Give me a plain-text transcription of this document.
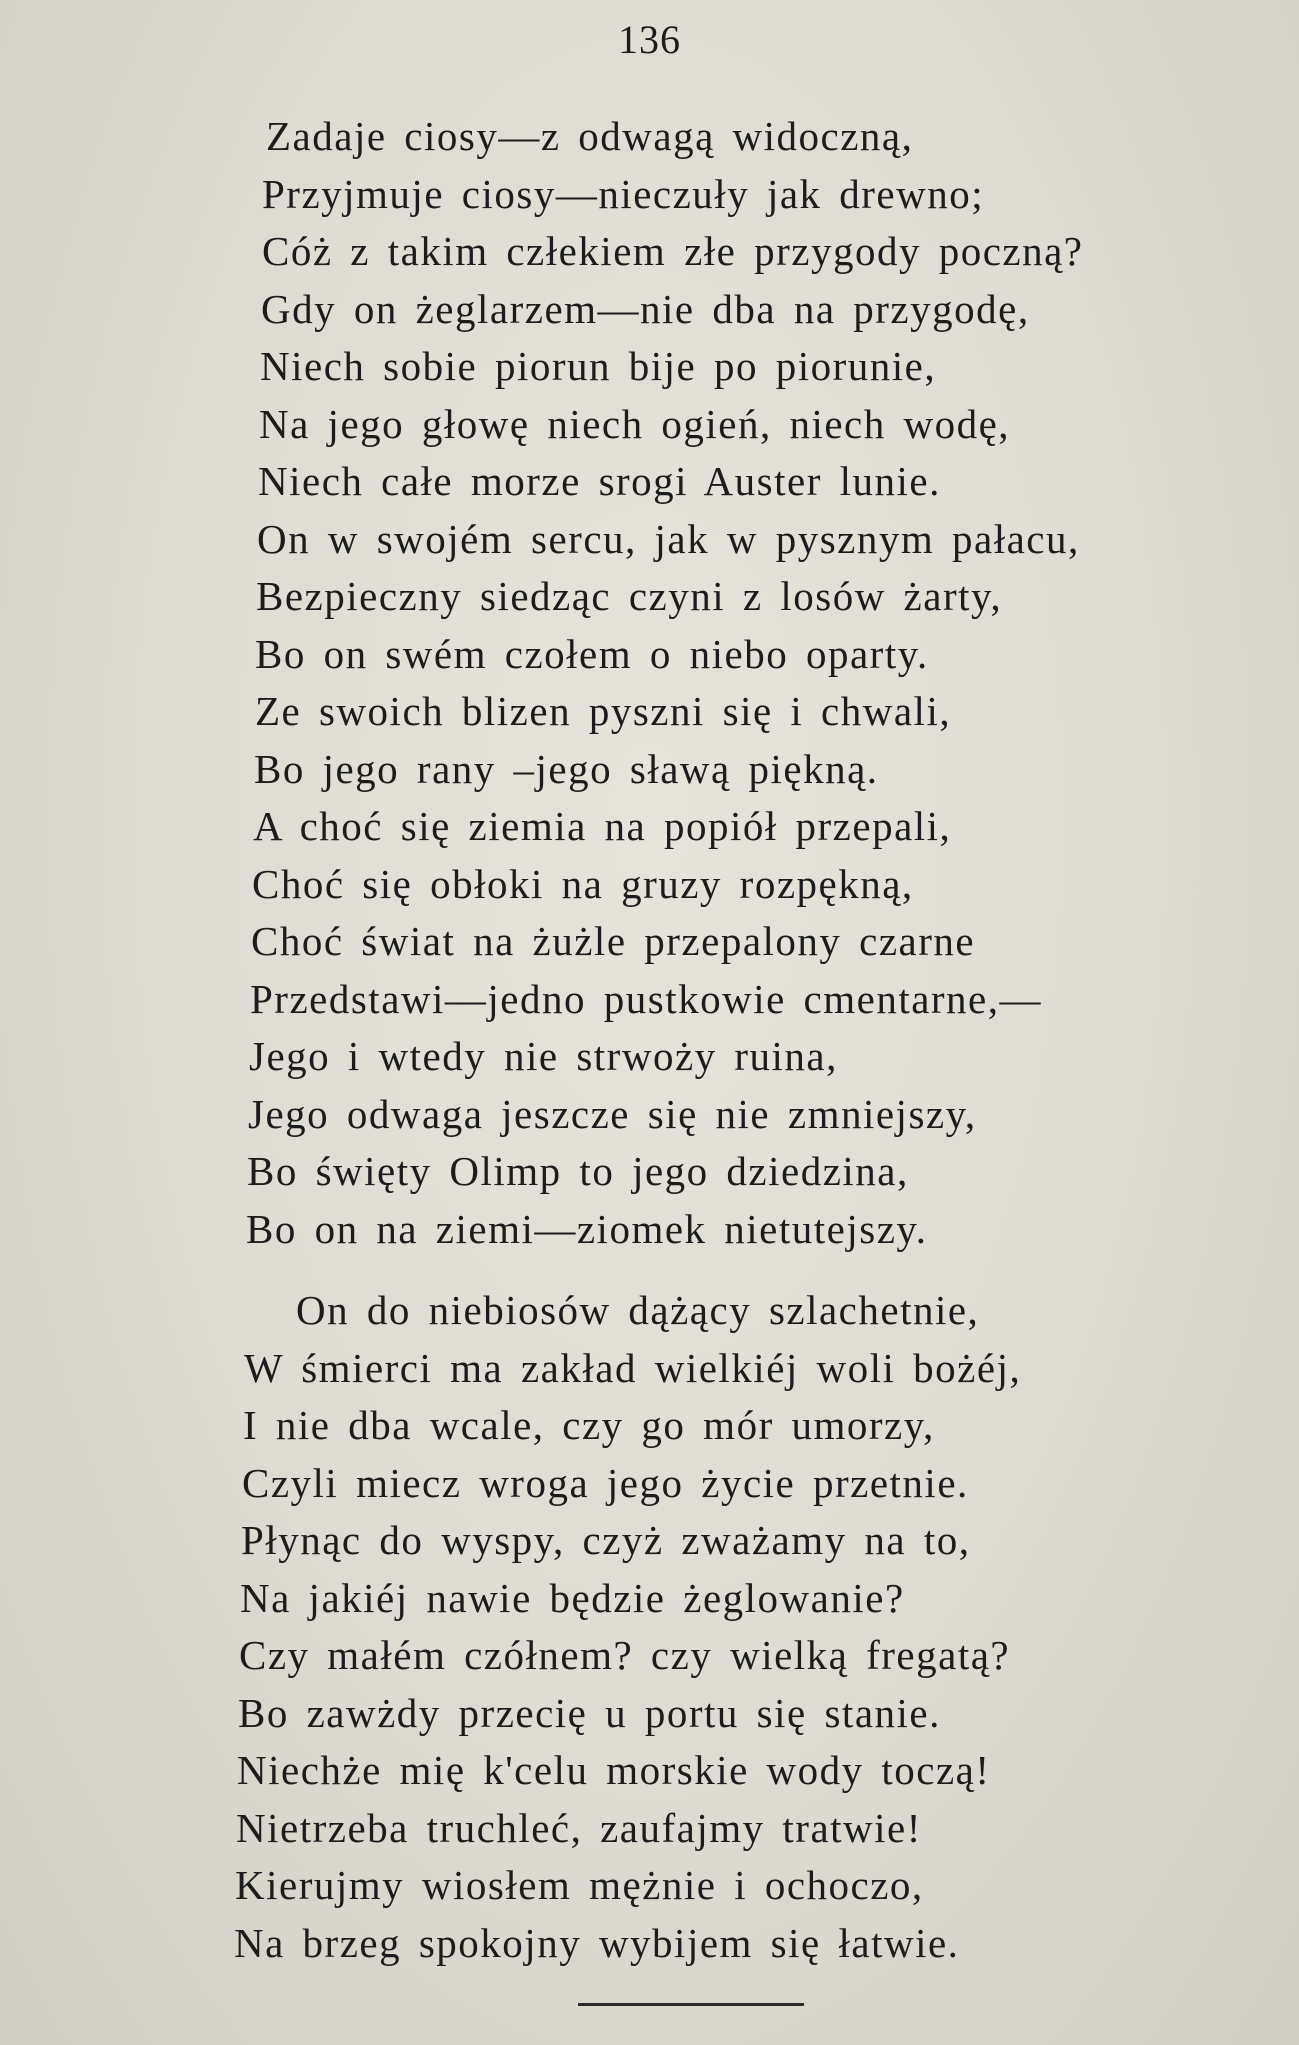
136
Zadaje ciosy—z odwagą widoczną,
Przyjmuje ciosy—nieczuły jak drewno;
Cóż z takim człekiem złe przygody poczną?
Gdy on żeglarzem—nie dba na przygodę,
Niech sobie piorun bije po piorunie,
Na jego głowę niech ogień, niech wodę,
Niech całe morze srogi Auster lunie.
On w swojém sercu, jak w pysznym pałacu,
Bezpieczny siedząc czyni z losów żarty,
Bo on swém czołem o niebo oparty.
Ze swoich blizen pyszni się i chwali,
Bo jego rany –jego sławą piękną.
A choć się ziemia na popiół przepali,
Choć się obłoki na gruzy rozpękną,
Choć świat na żużle przepalony czarne
Przedstawi—jedno pustkowie cmentarne,—
Jego i wtedy nie strwoży ruina,
Jego odwaga jeszcze się nie zmniejszy,
Bo święty Olimp to jego dziedzina,
Bo on na ziemi—ziomek nietutejszy.
On do niebiosów dążący szlachetnie,
W śmierci ma zakład wielkiéj woli bożéj,
I nie dba wcale, czy go mór umorzy,
Czyli miecz wroga jego życie przetnie.
Płynąc do wyspy, czyż zważamy na to,
Na jakiéj nawie będzie żeglowanie?
Czy małém czółnem? czy wielką fregatą?
Bo zawżdy przecię u portu się stanie.
Niechże mię k'celu morskie wody toczą!
Nietrzeba truchleć, zaufajmy tratwie!
Kierujmy wiosłem mężnie i ochoczo,
Na brzeg spokojny wybijem się łatwie.
